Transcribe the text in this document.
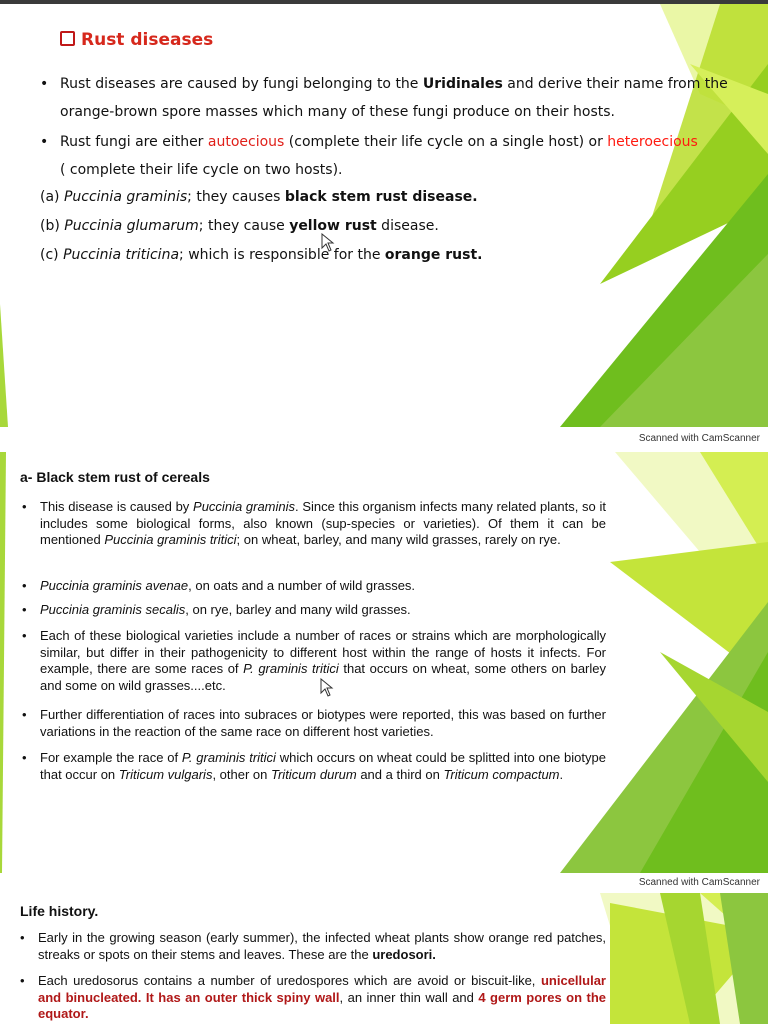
Rust diseases
• Rust diseases are caused by fungi belonging to the Uridinales and derive their name from the orange-brown spore masses which many of these fungi produce on their hosts.
• Rust fungi are either autoecious (complete their life cycle on a single host) or heteroecious
( complete their life cycle on two hosts).
(a) Puccinia graminis; they causes black stem rust disease.
(b) Puccinia glumarum; they cause yellow rust disease.
(c) Puccinia triticina; which is responsible for the orange rust.
Scanned with CamScanner
a- Black stem rust of cereals
•	This disease is caused by Puccinia graminis. Since this organism infects many related plants, so it includes some biological forms, also known (sup-species or varieties). Of them it can be mentioned Puccinia graminis tritici; on wheat, barley, and many wild grasses, rarely on rye.
•	Puccinia graminis avenae, on oats and a number of wild grasses.
•	Puccinia graminis secalis, on rye, barley and many wild grasses.
•	Each of these biological varieties include a number of races or strains which are morphologically similar, but differ in their pathogenicity to different host within the range of hosts it infects. For example, there are some races of P. graminis tritici that occurs on wheat, some others on barley and some on wild grasses....etc.
•	Further differentiation of races into subraces or biotypes were reported, this was based on further variations in the reaction of the same race on different host varieties.
•	For example the race of P. graminis tritici which occurs on wheat could be splitted into one biotype that occur on Triticum vulgaris, other on Triticum durum and a third on Triticum compactum.
Scanned with CamScanner
Life history.
•	Early in the growing season (early summer), the infected wheat plants show orange red patches, streaks or spots on their stems and leaves. These are the uredosori.
•	Each uredosorus contains a number of uredospores which are avoid or biscuit-like, unicellular and binucleated. It has an outer thick spiny wall, an inner thin wall and 4 germ pores on the equator.
